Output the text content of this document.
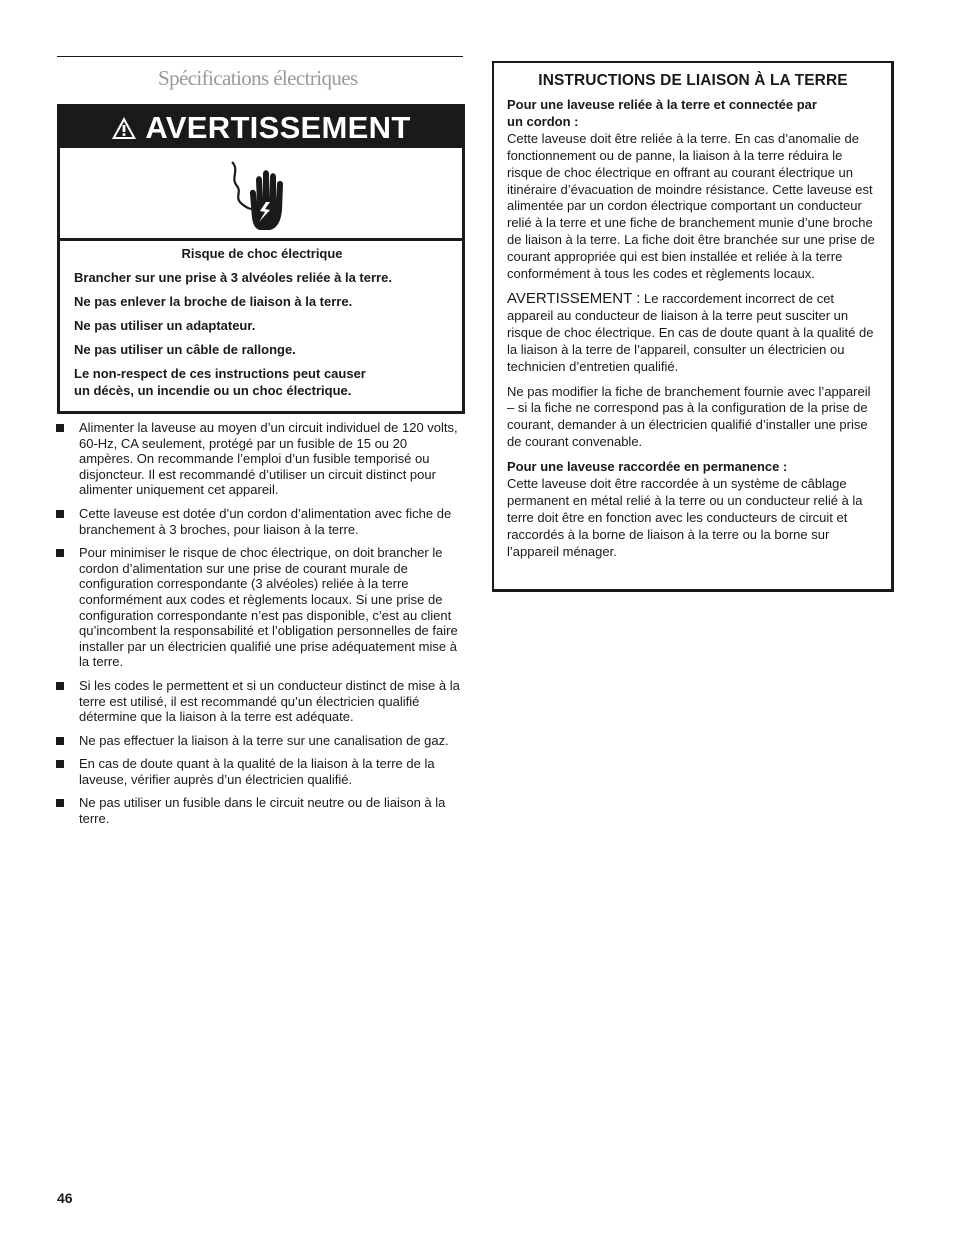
Spécifications électriques
AVERTISSEMENT
Risque de choc électrique
Brancher sur une prise à 3 alvéoles reliée à la terre.
Ne pas enlever la broche de liaison à la terre.
Ne pas utiliser un adaptateur.
Ne pas utiliser un câble de rallonge.
Le non-respect de ces instructions peut causer
un décès, un incendie ou un choc électrique.
Alimenter la laveuse au moyen d’un circuit individuel de 120 volts, 60-Hz, CA seulement, protégé par un fusible de 15 ou 20 ampères. On recommande l’emploi d’un fusible temporisé ou disjoncteur. Il est recommandé d’utiliser un circuit distinct pour alimenter uniquement cet appareil.
Cette laveuse est dotée d’un cordon d’alimentation avec fiche de branchement à 3 broches, pour liaison à la terre.
Pour minimiser le risque de choc électrique, on doit brancher le cordon d’alimentation sur une prise de courant murale de configuration correspondante (3 alvéoles) reliée à la terre conformément aux codes et règlements locaux. Si une prise de configuration correspondante n’est pas disponible, c’est au client qu’incombent la responsabilité et l’obligation personnelles de faire installer par un électricien qualifié une prise adéquatement mise à la terre.
Si les codes le permettent et si un conducteur distinct de mise à la terre est utilisé, il est recommandé qu’un électricien qualifié détermine que la liaison à la terre est adéquate.
Ne pas effectuer la liaison à la terre sur une canalisation de gaz.
En cas de doute quant à la qualité de la liaison à la terre de la laveuse, vérifier auprès d’un électricien qualifié.
Ne pas utiliser un fusible dans le circuit neutre ou de liaison à la terre.
INSTRUCTIONS DE LIAISON À LA TERRE

Pour une laveuse reliée à la terre et connectée par
un cordon :
Cette laveuse doit être reliée à la terre. En cas d’anomalie de fonctionnement ou de panne, la liaison à la terre réduira le risque de choc électrique en offrant au courant électrique un itinéraire d’évacuation de moindre résistance. Cette laveuse est alimentée par un cordon électrique comportant un conducteur relié à la terre et une fiche de branchement munie d’une broche de liaison à la terre. La fiche doit être branchée sur une prise de courant appropriée qui est bien installée et reliée à la terre conformément à tous les codes et règlements locaux.

AVERTISSEMENT : Le raccordement incorrect de cet appareil au conducteur de liaison à la terre peut susciter un risque de choc électrique. En cas de doute quant à la qualité de la liaison à la terre de l’appareil, consulter un électricien ou technicien d’entretien qualifié.

Ne pas modifier la fiche de branchement fournie avec l’appareil – si la fiche ne correspond pas à la configuration de la prise de courant, demander à un électricien qualifié d’installer une prise de courant convenable.

Pour une laveuse raccordée en permanence :
Cette laveuse doit être raccordée à un système de câblage permanent en métal relié à la terre ou un conducteur relié à la terre doit être en fonction avec les conducteurs de circuit et raccordés à la borne de liaison à la terre ou la borne sur l’appareil ménager.

46
